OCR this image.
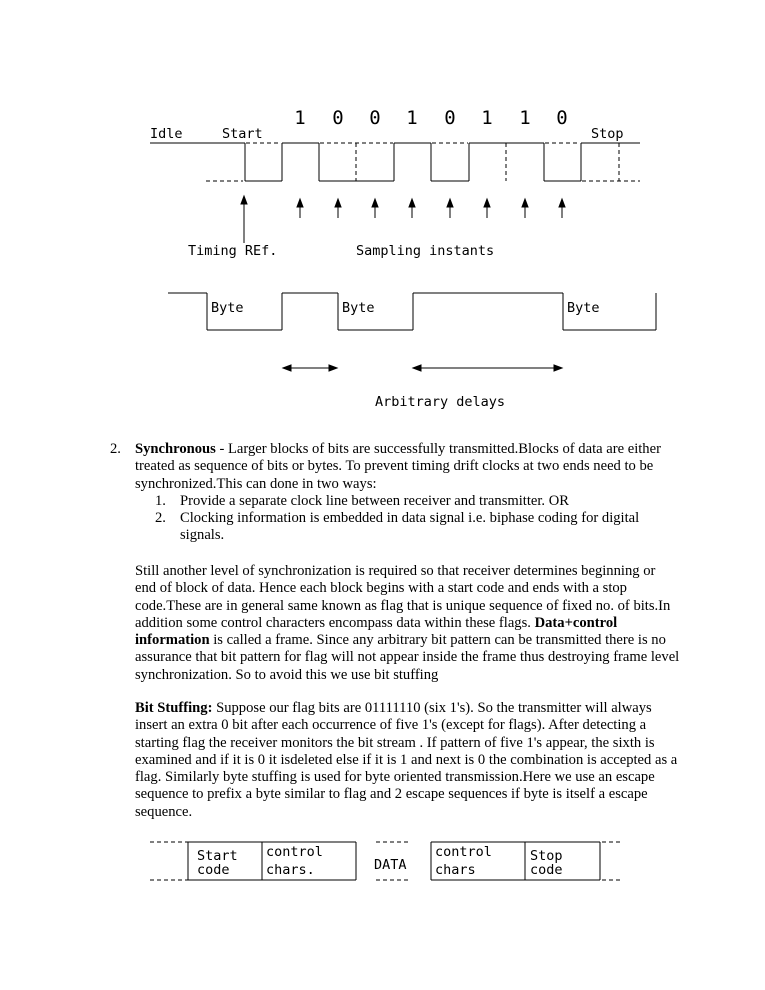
1 0 0 1 0 1 1 0
Idle	Start	Stop
Timing REf.	Sampling instants
Byte	Byte	Byte
Arbitrary delays
Start
code
control
chars.	DATA
control
chars
Stop
code
2. Synchronous - Larger blocks of bits are successfully transmitted.Blocks of data are either treated as sequence of bits or bytes. To prevent timing drift clocks at two ends need to be synchronized.This can done in two ways:

1. Provide a separate clock line between receiver and transmitter. OR
2. Clocking information is embedded in data signal i.e. biphase coding for digital signals.

Still another level of synchronization is required so that receiver determines beginning or end of block of data. Hence each block begins with a start code and ends with a stop code.These are in general same known as flag that is unique sequence of fixed no. of bits.In addition some control characters encompass data within these flags. Data+control information is called a frame. Since any arbitrary bit pattern can be transmitted there is no assurance that bit pattern for flag will not appear inside the frame thus destroying frame level synchronization. So to avoid this we use bit stuffing

Bit Stuffing: Suppose our flag bits are 01111110 (six 1's). So the transmitter will always insert an extra 0 bit after each occurrence of five 1's (except for flags). After detecting a starting flag the receiver monitors the bit stream . If pattern of five 1's appear, the sixth is examined and if it is 0 it isdeleted else if it is 1 and next is 0 the combination is accepted as a flag. Similarly byte stuffing is used for byte oriented transmission.Here we use an escape sequence to prefix a byte similar to flag and 2 escape sequences if byte is itself a escape sequence.
